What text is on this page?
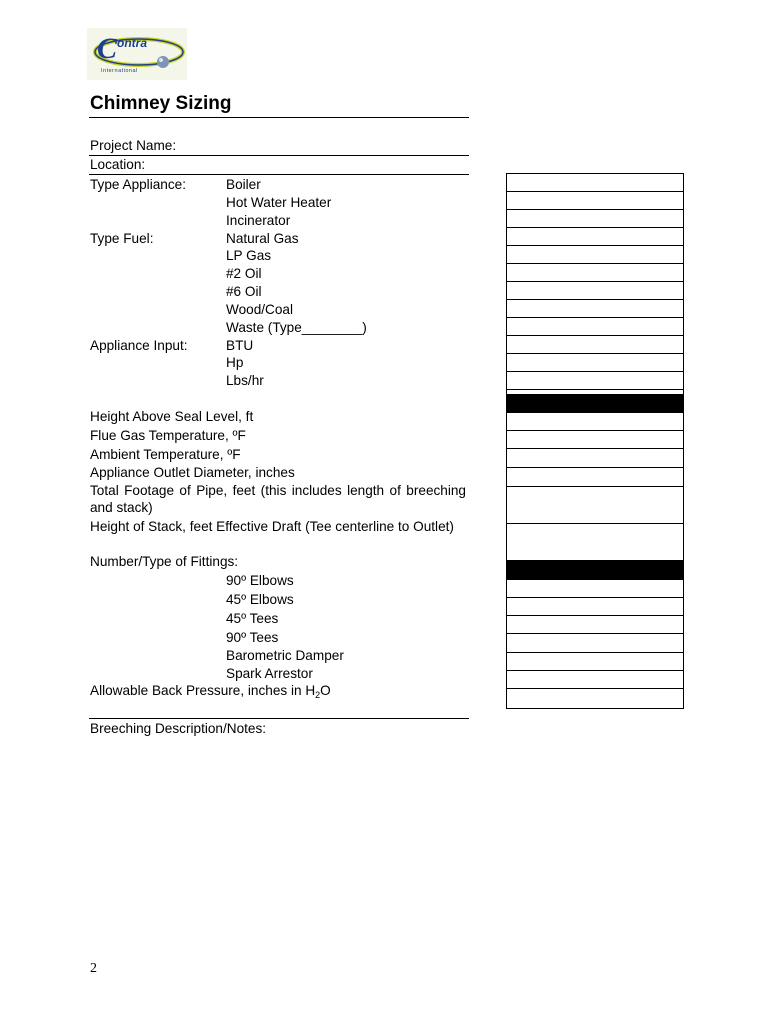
C ontra
International
Chimney Sizing
Project Name:
Location:
Type Appliance:	Boiler
Hot Water Heater
Incinerator
Type Fuel:	Natural Gas
LP Gas
#2 Oil
#6 Oil
Wood/Coal
Waste (Type________)
Appliance Input:	BTU
Hp
Lbs/hr
Height Above Seal Level, ft
Flue Gas Temperature, ºF
Ambient Temperature, ºF
Appliance Outlet Diameter, inches
Total Footage of Pipe, feet (this includes length of breeching and stack)
Height of Stack, feet Effective Draft (Tee centerline to Outlet)
Number/Type of Fittings:
90º Elbows
45º Elbows
45º Tees
90º Tees
Barometric Damper
Spark Arrestor
Allowable Back Pressure, inches in $H_2O$
Breeching Description/Notes:
2
